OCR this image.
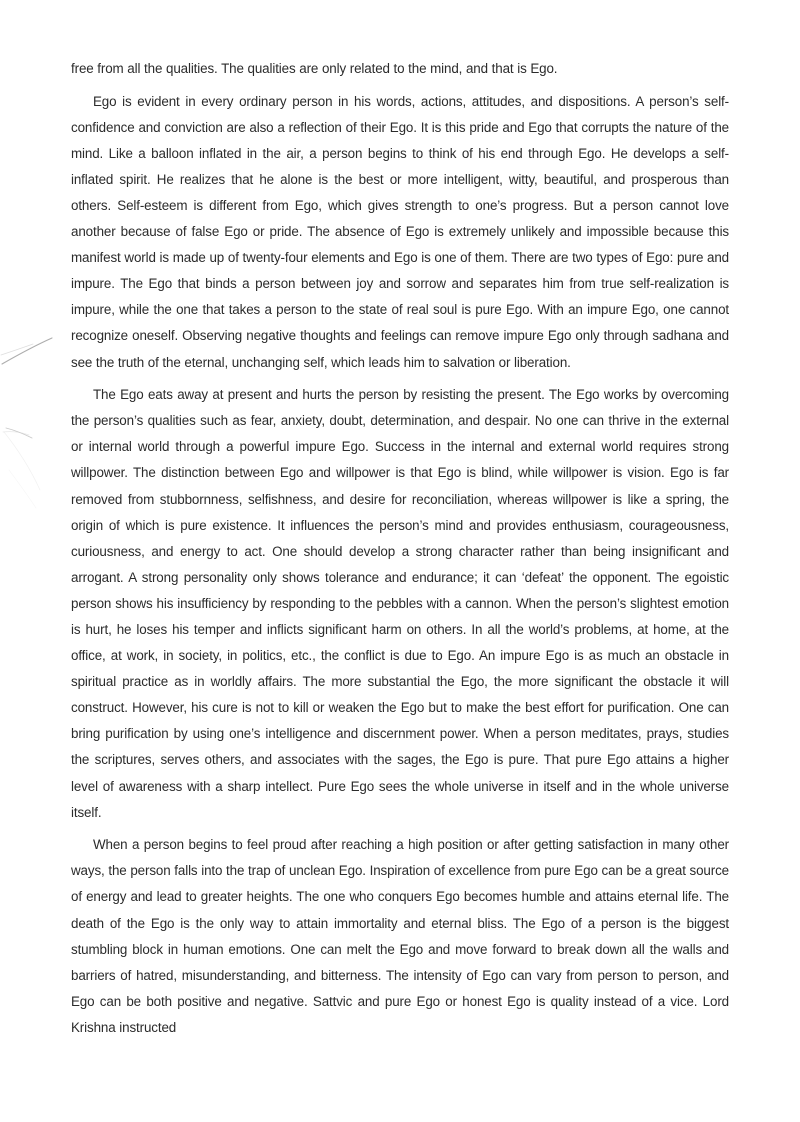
free from all the qualities. The qualities are only related to the mind, and that is Ego.

Ego is evident in every ordinary person in his words, actions, attitudes, and dispositions. A person’s self-confidence and conviction are also a reflection of their Ego. It is this pride and Ego that corrupts the nature of the mind. Like a balloon inflated in the air, a person begins to think of his end through Ego. He develops a self-inflated spirit. He realizes that he alone is the best or more intelligent, witty, beautiful, and prosperous than others. Self-esteem is different from Ego, which gives strength to one’s progress. But a person cannot love another because of false Ego or pride. The absence of Ego is extremely unlikely and impossible because this manifest world is made up of twenty-four elements and Ego is one of them. There are two types of Ego: pure and impure. The Ego that binds a person between joy and sorrow and separates him from true self-realization is impure, while the one that takes a person to the state of real soul is pure Ego. With an impure Ego, one cannot recognize oneself. Observing negative thoughts and feelings can remove impure Ego only through sadhana and see the truth of the eternal, unchanging self, which leads him to salvation or liberation.

The Ego eats away at present and hurts the person by resisting the present. The Ego works by overcoming the person’s qualities such as fear, anxiety, doubt, determination, and despair. No one can thrive in the external or internal world through a powerful impure Ego. Success in the internal and external world requires strong willpower. The distinction between Ego and willpower is that Ego is blind, while willpower is vision. Ego is far removed from stubbornness, selfishness, and desire for reconciliation, whereas willpower is like a spring, the origin of which is pure existence. It influences the person’s mind and provides enthusiasm, courageousness, curiousness, and energy to act. One should develop a strong character rather than being insignificant and arrogant. A strong personality only shows tolerance and endurance; it can ‘defeat’ the opponent. The egoistic person shows his insufficiency by responding to the pebbles with a cannon. When the person’s slightest emotion is hurt, he loses his temper and inflicts significant harm on others. In all the world’s problems, at home, at the office, at work, in society, in politics, etc., the conflict is due to Ego. An impure Ego is as much an obstacle in spiritual practice as in worldly affairs. The more substantial the Ego, the more significant the obstacle it will construct. However, his cure is not to kill or weaken the Ego but to make the best effort for purification. One can bring purification by using one’s intelligence and discernment power. When a person meditates, prays, studies the scriptures, serves others, and associates with the sages, the Ego is pure. That pure Ego attains a higher level of awareness with a sharp intellect. Pure Ego sees the whole universe in itself and in the whole universe itself.

When a person begins to feel proud after reaching a high position or after getting satisfaction in many other ways, the person falls into the trap of unclean Ego. Inspiration of excellence from pure Ego can be a great source of energy and lead to greater heights. The one who conquers Ego becomes humble and attains eternal life. The death of the Ego is the only way to attain immortality and eternal bliss. The Ego of a person is the biggest stumbling block in human emotions. One can melt the Ego and move forward to break down all the walls and barriers of hatred, misunderstanding, and bitterness. The intensity of Ego can vary from person to person, and Ego can be both positive and negative. Sattvic and pure Ego or honest Ego is quality instead of a vice. Lord Krishna instructed
